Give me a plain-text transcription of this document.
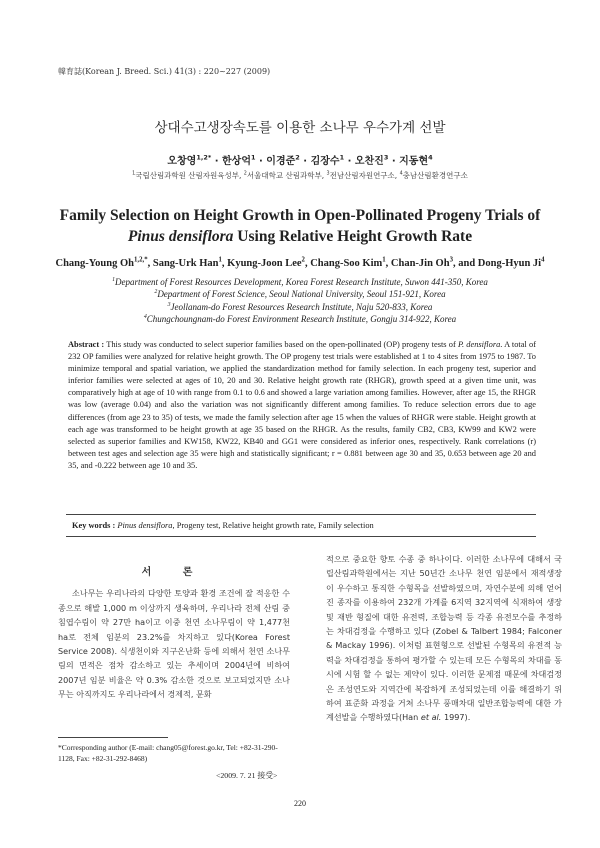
韓育誌(Korean J. Breed. Sci.) 41(3) : 220~227 (2009)
상대수고생장속도를 이용한 소나무 우수가계 선발
오창영$^{1,2*}$ · 한상억$^1$ · 이경준$^2$ · 김장수$^1$ · 오찬진$^3$ · 지동현$^4$
$^1$국립산림과학원 산림자원육성부, $^2$서울대학교 산림과학부, $^3$전남산림자원연구소, $^4$충남산림환경연구소
Family Selection on Height Growth in Open-Pollinated Progeny Trials of
Pinus densiflora Using Relative Height Growth Rate
Chang-Young $Oh^{1,2,*}$, Sang-Urk Han$^1$, Kyung-Joon Lee$^2$, Chang-Soo Kim$^1$, Chan-Jin Oh$^3$, and Dong-Hyun Ji$^4$
$^1$Department of Forest Resources Development, Korea Forest Research Institute, Suwon 441-350, Korea
$^2$Department of Forest Science, Seoul National University, Seoul 151-921, Korea
$^3$Jeollanam-do Forest Resources Research Institute, Naju 520-833, Korea
$^4$Chungchoungnam-do Forest Environment Research Institute, Gongju 314-922, Korea
Abstract : This study was conducted to select superior families based on the open-pollinated (OP) progeny tests of P. densiflora. A total of 232 OP families were analyzed for relative height growth. The OP progeny test trials were established at 1 to 4 sites from 1975 to 1987. To minimize temporal and spatial variation, we applied the standardization method for family selection. In each progeny test, superior and inferior families were selected at ages of 10, 20 and 30. Relative height growth rate (RHGR), growth speed at a given time unit, was comparatively high at age of 10 with range from 0.1 to 0.6 and showed a large variation among families. However, after age 15, the RHGR was low (average 0.04) and also the variation was not significantly different among families. To reduce selection errors due to age differences (from age 23 to 35) of tests, we made the family selection after age 15 when the values of RHGR were stable. Height growth at each age was transformed to be height growth at age 35 based on the RHGR. As the results, family CB2, CB3, KW99 and KW2 were selected as superior families and KW158, KW22, KB40 and GG1 were considered as inferior ones, respectively. Rank correlations (r) between test ages and selection age 35 were high and statistically significant; r = 0.881 between age 30 and 35, 0.653 between age 20 and 35, and -0.222 between age 10 and 35.
Key words : Pinus densiflora, Progeny test, Relative height growth rate, Family selection
서 론

소나무는 우리나라의 다양한 토양과 환경 조건에 잘 적응한 수종으로 해발 1,000 m 이상까지 생육하며, 우리나라 전체 산림 중 침엽수림이 약 27만 ha이고 이중 천연 소나무림이 약 1,477천 ha로 전체 임분의 23.2%를 차지하고 있다(Korea Forest Service 2008). 식생천이와 지구온난화 등에 의해서 천연 소나무림의 면적은 점차 감소하고 있는 추세이며 2004년에 비하여 2007년 임분 비율은 약 0.3% 감소한 것으로 보고되었지만 소나무는 아직까지도 우리나라에서 경제적, 문화

적으로 중요한 향토 수종 중 하나이다. 이러한 소나무에 대해서 국립산림과학원에서는 지난 50년간 소나무 천연 임분에서 재적생장이 우수하고 통직한 수형목을 선발하였으며, 자연수분에 의해 얻어진 종자를 이용하여 232개 가계를 6지역 32지역에 식재하여 생장 및 재반 형질에 대한 유전력, 조합능력 등 각종 유전모수를 추정하는 차대검정을 수행하고 있다 (Zobel & Talbert 1984; Falconer & Mackay 1996). 이처럼 표현형으로 선발된 수형목의 유전적 능력을 차대검정을 통하여 평가할 수 있는데 모든 수형목의 차대를 동시에 시험 할 수 없는 제약이 있다. 이러한 문제점 때문에 차대검정은 조성연도와 지역간에 복잡하게 조성되었는데 이를 해결하기 위하여 표준화 과정을 거쳐 소나무 풍매차대 일반조합능력에 대한 가계선발을 수행하였다(Han et al. 1997).

*Corresponding author (E-mail: chang05@forest.go.kr, Tel: +82-31-290-1128, Fax: +82-31-292-8468)
<2009. 7. 21 接受>
220
